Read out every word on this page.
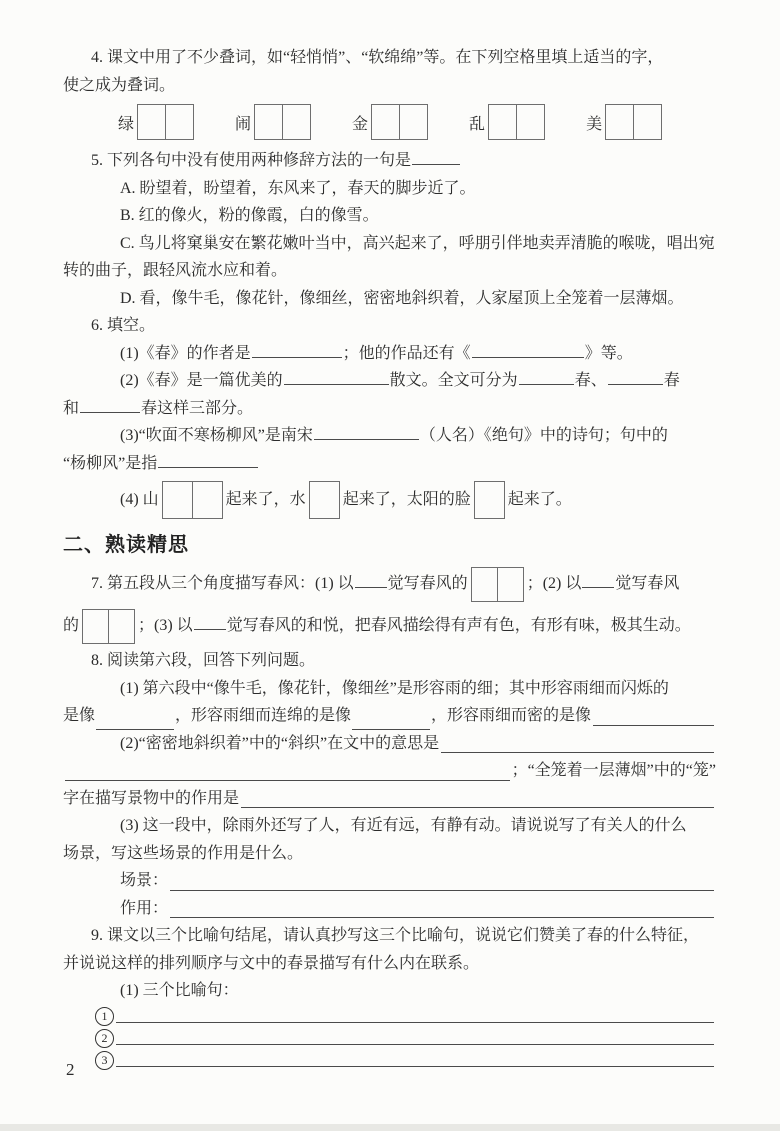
4. 课文中用了不少叠词，如“轻悄悄”、“软绵绵”等。在下列空格里填上适当的字，

使之成为叠词。

绿	闹	金	乱	美

5. 下列各句中没有使用两种修辞方法的一句是

A. 盼望着，盼望着，东风来了，春天的脚步近了。

B. 红的像火，粉的像霞，白的像雪。

C. 鸟儿将窠巢安在繁花嫩叶当中，高兴起来了，呼朋引伴地卖弄清脆的喉咙，唱出宛转的曲子，跟轻风流水应和着。

D. 看，像牛毛，像花针，像细丝，密密地斜织着，人家屋顶上全笼着一层薄烟。

6. 填空。

(1)《春》的作者是	；他的作品还有《	》等。

(2)《春》是一篇优美的	散文。全文可分为	春、	春

和	春这样三部分。

(3)“吹面不寒杨柳风”是南宋	（人名）《绝句》中的诗句；句中的

“杨柳风”是指

(4) 山	起来了，水 起来了，太阳的脸 起来了。

二、熟读精思

7. 第五段从三个角度描写春风：(1) 以 觉写春风的	；(2) 以 觉写春风

的	；(3) 以 觉写春风的和悦，把春风描绘得有声有色，有形有味，极其生动。

8. 阅读第六段，回答下列问题。

(1) 第六段中“像牛毛，像花针，像细丝”是形容雨的细；其中形容雨细而闪烁的

是像	，形容雨细而连绵的是像	，形容雨细而密的是像
(2)“密密地斜织着”中的“斜织”在文中的意思是
；“全笼着一层薄烟”中的“笼”
字在描写景物中的作用是

(3) 这一段中，除雨外还写了人，有近有远，有静有动。请说说写了有关人的什么

场景，写这些场景的作用是什么。

场景：
作用：

9. 课文以三个比喻句结尾，请认真抄写这三个比喻句，说说它们赞美了春的什么特征，

并说说这样的排列顺序与文中的春景描写有什么内在联系。

(1) 三个比喻句：

1
2
3
2
